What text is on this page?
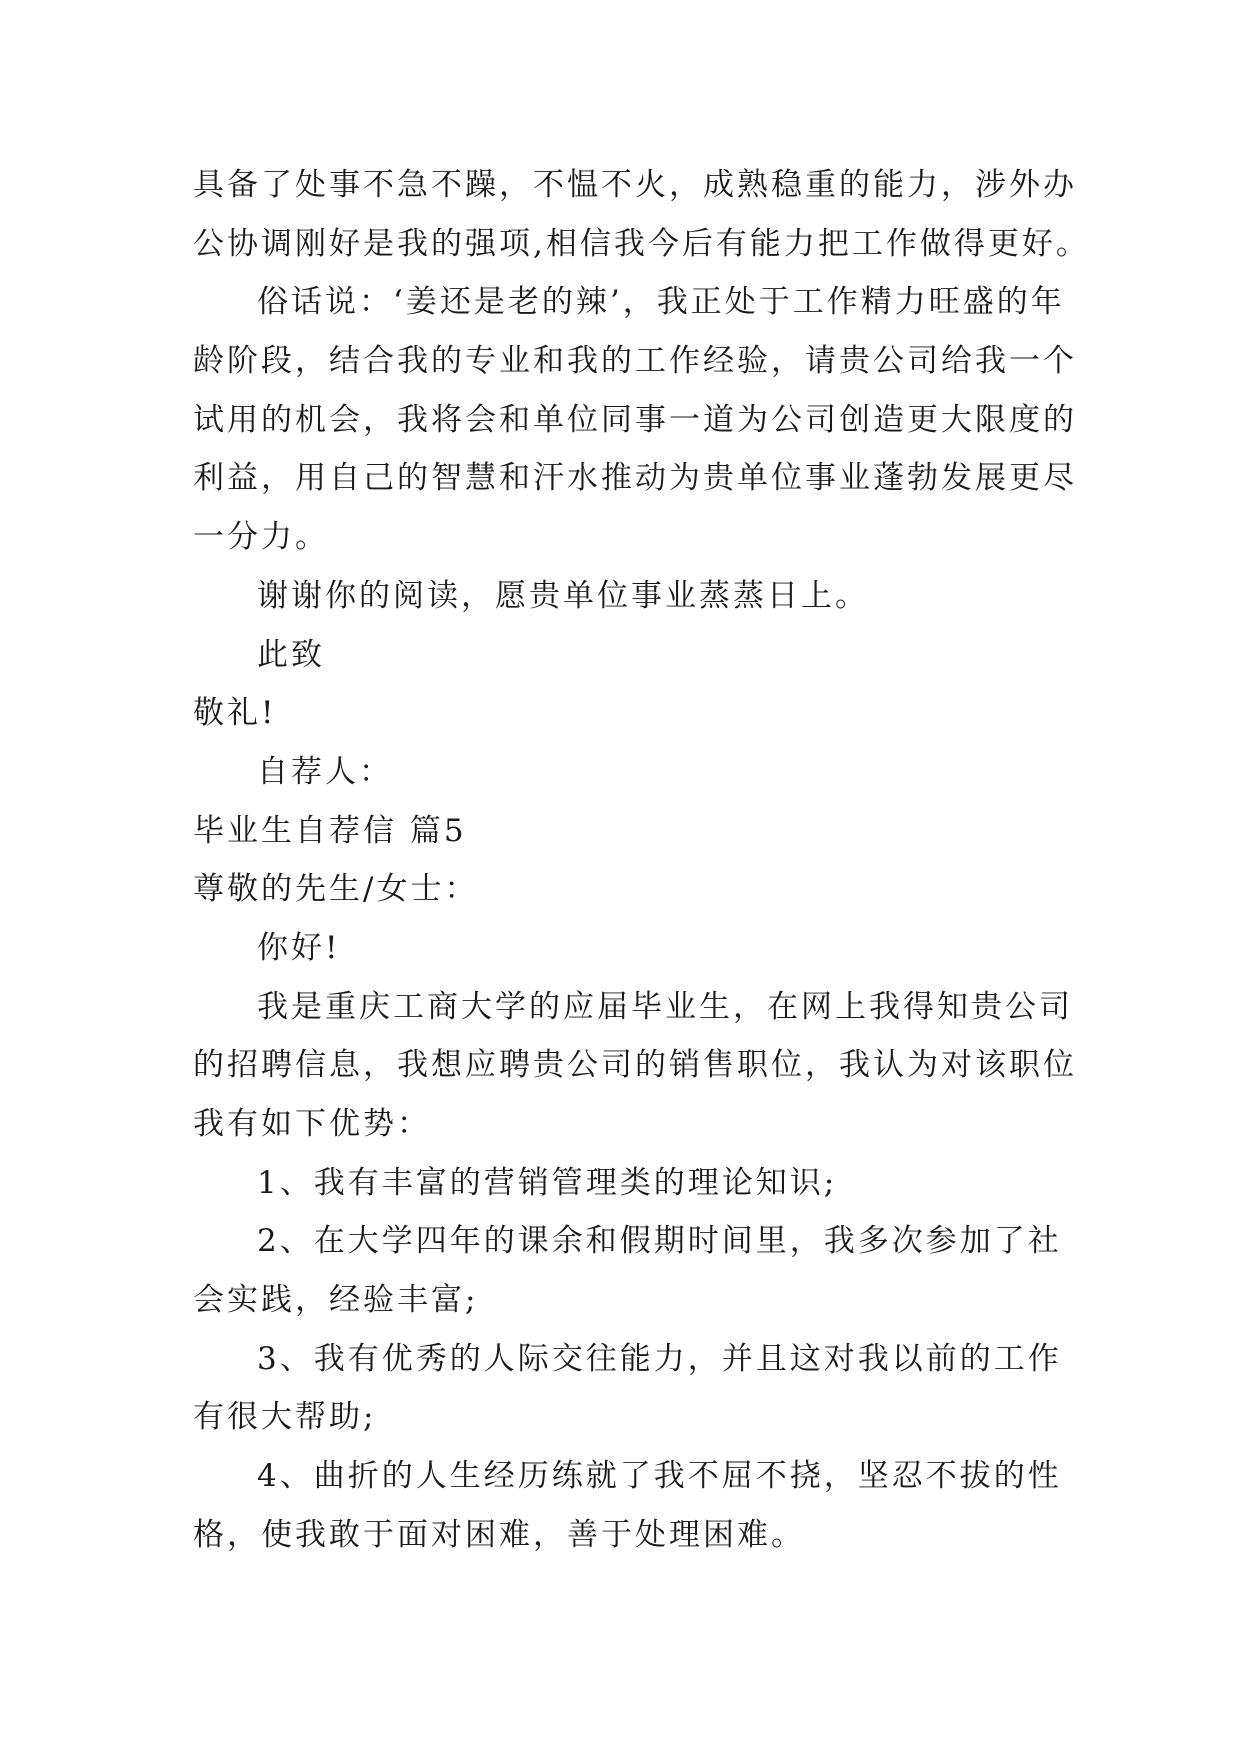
具备了处事不急不躁，不愠不火，成熟稳重的能力，涉外办
公协调刚好是我的强项,相信我今后有能力把工作做得更好。
俗话说：‘姜还是老的辣’，我正处于工作精力旺盛的年
龄阶段，结合我的专业和我的工作经验，请贵公司给我一个
试用的机会，我将会和单位同事一道为公司创造更大限度的
利益，用自己的智慧和汗水推动为贵单位事业蓬勃发展更尽
一分力。
谢谢你的阅读，愿贵单位事业蒸蒸日上。
此致
敬礼!
自荐人：
毕业生自荐信 篇5
尊敬的先生/女士：
你好!
我是重庆工商大学的应届毕业生，在网上我得知贵公司
的招聘信息，我想应聘贵公司的销售职位，我认为对该职位
我有如下优势：
1、我有丰富的营销管理类的理论知识;
2、在大学四年的课余和假期时间里，我多次参加了社
会实践，经验丰富;
3、我有优秀的人际交往能力，并且这对我以前的工作
有很大帮助;
4、曲折的人生经历练就了我不屈不挠，坚忍不拔的性
格，使我敢于面对困难，善于处理困难。
